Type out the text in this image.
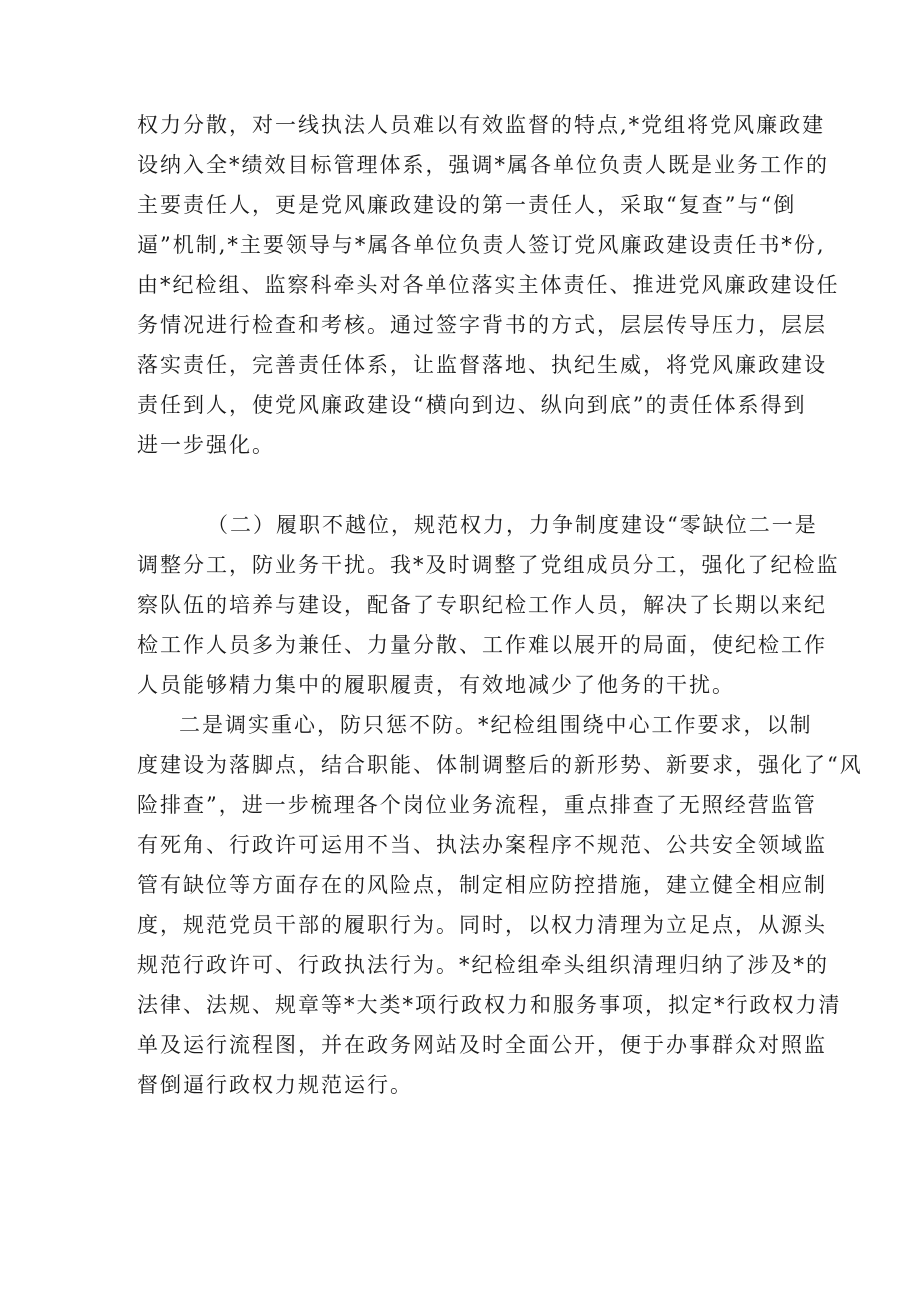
权力分散，对一线执法人员难以有效监督的特点,*党组将党风廉政建
设纳入全*绩效目标管理体系，强调*属各单位负责人既是业务工作的
主要责任人，更是党风廉政建设的第一责任人，采取“复查”与“倒
逼”机制,*主要领导与*属各单位负责人签订党风廉政建设责任书*份,
由*纪检组、监察科牵头对各单位落实主体责任、推进党风廉政建设任
务情况进行检查和考核。通过签字背书的方式，层层传导压力，层层
落实责任，完善责任体系，让监督落地、执纪生威，将党风廉政建设
责任到人，使党风廉政建设“横向到边、纵向到底”的责任体系得到
进一步强化。
（二）履职不越位，规范权力，力争制度建设“零缺位二一是
调整分工，防业务干扰。我*及时调整了党组成员分工，强化了纪检监
察队伍的培养与建设，配备了专职纪检工作人员，解决了长期以来纪
检工作人员多为兼任、力量分散、工作难以展开的局面，使纪检工作
人员能够精力集中的履职履责，有效地减少了他务的干扰。
二是调实重心，防只惩不防。*纪检组围绕中心工作要求，以制
度建设为落脚点，结合职能、体制调整后的新形势、新要求，强化了“风
险排查”，进一步梳理各个岗位业务流程，重点排查了无照经营监管
有死角、行政许可运用不当、执法办案程序不规范、公共安全领域监
管有缺位等方面存在的风险点，制定相应防控措施，建立健全相应制
度，规范党员干部的履职行为。同时，以权力清理为立足点，从源头
规范行政许可、行政执法行为。*纪检组牵头组织清理归纳了涉及*的
法律、法规、规章等*大类*项行政权力和服务事项，拟定*行政权力清
单及运行流程图，并在政务网站及时全面公开，便于办事群众对照监
督倒逼行政权力规范运行。
